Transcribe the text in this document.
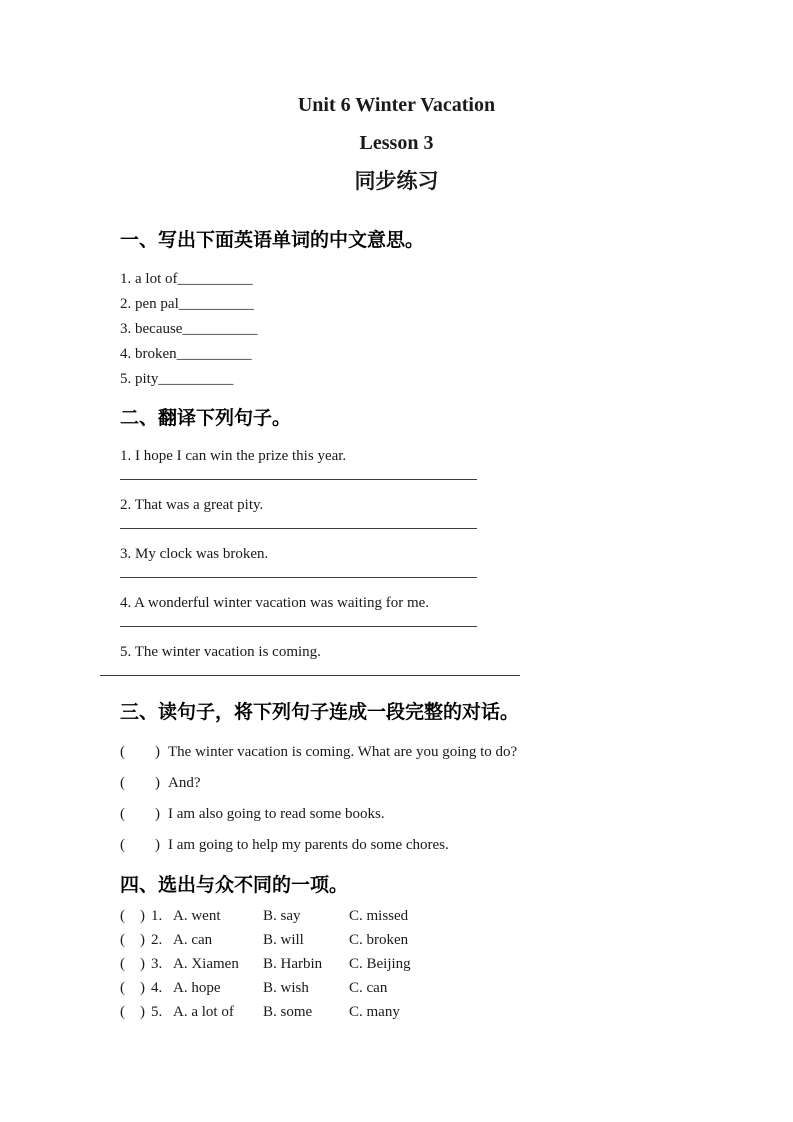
Unit 6 Winter Vacation
Lesson 3
同步练习
一、写出下面英语单词的中文意思。
1. a lot of__________
2. pen pal__________
3. because__________
4. broken__________
5. pity__________
二、翻译下列句子。
1. I hope I can win the prize this year.
2. That was a great pity.
3. My clock was broken.
4. A wonderful winter vacation was waiting for me.
5. The winter vacation is coming.
三、读句子，将下列句子连成一段完整的对话。
( ) The winter vacation is coming. What are you going to do?
( ) And?
( ) I am also going to read some books.
( ) I am going to help my parents do some chores.
四、选出与众不同的一项。
( ) 1. A. went	B. say	C. missed
( ) 2. A. can	B. will	C. broken
( ) 3. A. Xiamen	B. Harbin	C. Beijing
( ) 4. A. hope	B. wish	C. can
( ) 5. A. a lot of	B. some	C. many
